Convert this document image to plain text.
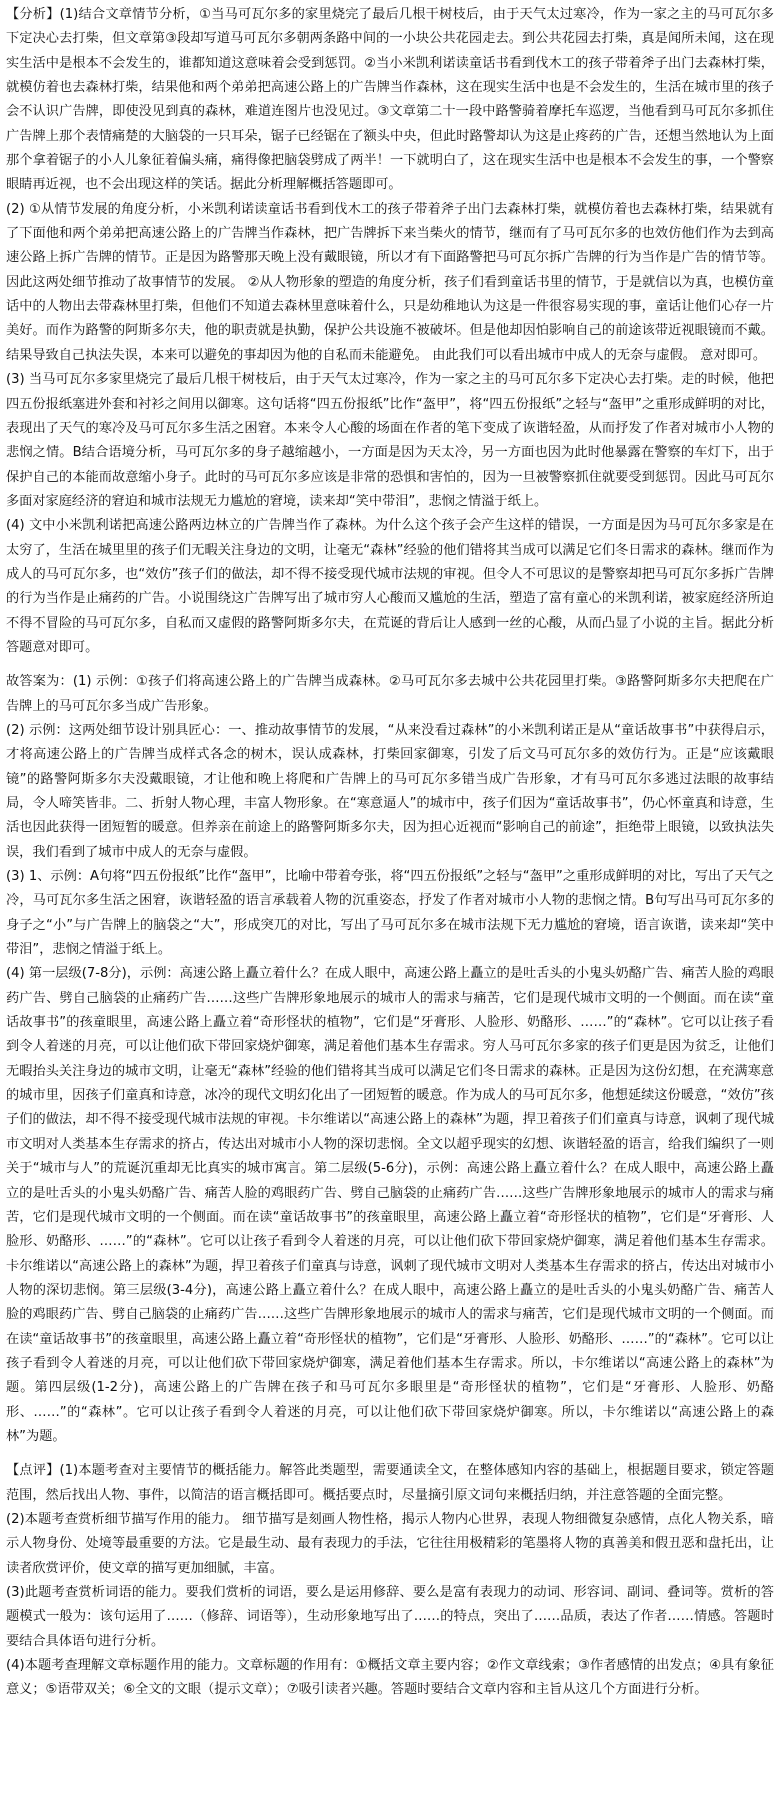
【分析】(1)结合文章情节分析，①当马可瓦尔多的家里烧完了最后几根干树枝后，由于天气太过寒冷，作为一家之主的马可瓦尔多下定决心去打柴，但文章第③段却写道马可瓦尔多朝两条路中间的一小块公共花园走去。到公共花园去打柴，真是闻所未闻，这在现实生活中是根本不会发生的，谁都知道这意味着会受到惩罚。②当小米凯利诺读童话书看到伐木工的孩子带着斧子出门去森林打柴，就模仿着也去森林打柴，结果他和两个弟弟把高速公路上的广告牌当作森林，这在现实生活中也是不会发生的，生活在城市里的孩子会不认识广告牌，即使没见到真的森林，难道连图片也没见过。③文章第二十一段中路警骑着摩托车巡逻，当他看到马可瓦尔多抓住广告牌上那个表情痛楚的大脑袋的一只耳朵，锯子已经锯在了额头中央，但此时路警却认为这是止疼药的广告，还想当然地认为上面那个拿着锯子的小人儿象征着偏头痛，痛得像把脑袋劈成了两半！一下就明白了，这在现实生活中也是根本不会发生的事，一个警察眼睛再近视，也不会出现这样的笑话。据此分析理解概括答题即可。

(2) ①从情节发展的角度分析，小米凯利诺读童话书看到伐木工的孩子带着斧子出门去森林打柴，就模仿着也去森林打柴，结果就有了下面他和两个弟弟把高速公路上的广告牌当作森林，把广告牌拆下来当柴火的情节，继而有了马可瓦尔多的也效仿他们作为去到高速公路上拆广告牌的情节。正是因为路警那天晚上没有戴眼镜，所以才有下面路警把马可瓦尔拆广告牌的行为当作是广告的情节等。因此这两处细节推动了故事情节的发展。 ②从人物形象的塑造的角度分析，孩子们看到童话书里的情节，于是就信以为真，也模仿童话中的人物出去带森林里打柴，但他们不知道去森林里意味着什么，只是幼稚地认为这是一件很容易实现的事，童话让他们心存一片美好。而作为路警的阿斯多尔夫，他的职责就是执勤，保护公共设施不被破坏。但是他却因怕影响自己的前途该带近视眼镜而不戴。结果导致自己执法失误，本来可以避免的事却因为他的自私而未能避免。 由此我们可以看出城市中成人的无奈与虚假。 意对即可。

(3) 当马可瓦尔多家里烧完了最后几根干树枝后，由于天气太过寒冷，作为一家之主的马可瓦尔多下定决心去打柴。走的时候，他把四五份报纸塞进外套和衬衫之间用以御寒。这句话将“四五份报纸”比作“盔甲”，将“四五份报纸”之轻与“盔甲”之重形成鲜明的对比，表现出了天气的寒冷及马可瓦尔多生活之困窘。本来令人心酸的场面在作者的笔下变成了诙谐轻盈，从而抒发了作者对城市小人物的悲悯之情。B结合语境分析，马可瓦尔多的身子越缩越小，一方面是因为天太冷，另一方面也因为此时他暴露在警察的车灯下，出于保护自己的本能而故意缩小身子。此时的马可瓦尔多应该是非常的恐惧和害怕的，因为一旦被警察抓住就要受到惩罚。因此马可瓦尔多面对家庭经济的窘迫和城市法规无力尴尬的窘境，读来却“笑中带泪”，悲悯之情溢于纸上。

(4) 文中小米凯利诺把高速公路两边林立的广告牌当作了森林。为什么这个孩子会产生这样的错误，一方面是因为马可瓦尔多家是在太穷了，生活在城里里的孩子们无暇关注身边的文明，让毫无“森林”经验的他们错将其当成可以满足它们冬日需求的森林。继而作为成人的马可瓦尔多，也“效仿”孩子们的做法，却不得不接受现代城市法规的审视。但令人不可思议的是警察却把马可瓦尔多拆广告牌的行为当作是止痛药的广告。小说围绕这广告牌写出了城市穷人心酸而又尴尬的生活，塑造了富有童心的米凯利诺，被家庭经济所迫不得不冒险的马可瓦尔多，自私而又虚假的路警阿斯多尔夫，在荒诞的背后让人感到一丝的心酸，从而凸显了小说的主旨。据此分析答题意对即可。

故答案为：(1) 示例：①孩子们将高速公路上的广告牌当成森林。②马可瓦尔多去城中公共花园里打柴。③路警阿斯多尔夫把爬在广告牌上的马可瓦尔多当成广告形象。

(2) 示例：这两处细节设计别具匠心：一、推动故事情节的发展，“从来没看过森林”的小米凯利诺正是从“童话故事书”中获得启示，才将高速公路上的广告牌当成样式各念的树木，误认成森林，打柴回家御寒，引发了后文马可瓦尔多的效仿行为。正是“应该戴眼镜”的路警阿斯多尔夫没戴眼镜，才让他和晚上将爬和广告牌上的马可瓦尔多错当成广告形象，才有马可瓦尔多逃过法眼的故事结局，令人啼笑皆非。二、折射人物心理，丰富人物形象。在“寒意逼人”的城市中，孩子们因为“童话故事书”，仍心怀童真和诗意，生活也因此获得一团短暂的暖意。但养亲在前途上的路警阿斯多尔夫，因为担心近视而“影响自己的前途”，拒绝带上眼镜，以致执法失误，我们看到了城市中成人的无奈与虚假。

(3) 1、示例：A句将“四五份报纸”比作“盔甲”，比喻中带着夸张，将“四五份报纸”之轻与“盔甲”之重形成鲜明的对比，写出了天气之冷，马可瓦尔多生活之困窘，诙谐轻盈的语言承载着人物的沉重姿态，抒发了作者对城市小人物的悲悯之情。B句写出马可瓦尔多的身子之“小”与广告牌上的脑袋之“大”，形成突兀的对比，写出了马可瓦尔多在城市法规下无力尴尬的窘境，语言诙谐，读来却“笑中带泪”，悲悯之情溢于纸上。

(4) 第一层级(7-8分)，示例：高速公路上矗立着什么？在成人眼中，高速公路上矗立的是吐舌头的小鬼头奶酪广告、痛苦人脸的鸡眼药广告、劈自己脑袋的止痛药广告……这些广告牌形象地展示的城市人的需求与痛苦，它们是现代城市文明的一个侧面。而在读“童话故事书”的孩童眼里，高速公路上矗立着“奇形怪状的植物”，它们是“牙膏形、人脸形、奶酪形、……”的“森林”。它可以让孩子看到令人着迷的月亮，可以让他们砍下带回家烧炉御寒，满足着他们基本生存需求。穷人马可瓦尔多家的孩子们更是因为贫乏，让他们无暇抬头关注身边的城市文明，让毫无“森林”经验的他们错将其当成可以满足它们冬日需求的森林。正是因为这份幻想，在充满寒意的城市里，因孩子们童真和诗意，冰冷的现代文明幻化出了一团短暂的暖意。作为成人的马可瓦尔多，他想延续这份暖意，“效仿”孩子们的做法，却不得不接受现代城市法规的审视。卡尔维诺以“高速公路上的森林”为题，捍卫着孩子们们童真与诗意，讽刺了现代城市文明对人类基本生存需求的挤占，传达出对城市小人物的深切悲悯。全文以超乎现实的幻想、诙谐轻盈的语言，给我们编织了一则关于“城市与人”的荒诞沉重却无比真实的城市寓言。第二层级(5-6分)，示例：高速公路上矗立着什么？在成人眼中，高速公路上矗立的是吐舌头的小鬼头奶酪广告、痛苦人脸的鸡眼药广告、劈自己脑袋的止痛药广告……这些广告牌形象地展示的城市人的需求与痛苦，它们是现代城市文明的一个侧面。而在读“童话故事书”的孩童眼里，高速公路上矗立着“奇形怪状的植物”，它们是“牙膏形、人脸形、奶酪形、……”的“森林”。它可以让孩子看到令人着迷的月亮，可以让他们砍下带回家烧炉御寒，满足着他们基本生存需求。卡尔维诺以“高速公路上的森林”为题，捍卫着孩子们童真与诗意，讽刺了现代城市文明对人类基本生存需求的挤占，传达出对城市小人物的深切悲悯。第三层级(3-4分)，高速公路上矗立着什么？在成人眼中，高速公路上矗立的是吐舌头的小鬼头奶酪广告、痛苦人脸的鸡眼药广告、劈自己脑袋的止痛药广告……这些广告牌形象地展示的城市人的需求与痛苦，它们是现代城市文明的一个侧面。而在读“童话故事书”的孩童眼里，高速公路上矗立着“奇形怪状的植物”，它们是“牙膏形、人脸形、奶酪形、……”的“森林”。它可以让孩子看到令人着迷的月亮，可以让他们砍下带回家烧炉御寒，满足着他们基本生存需求。所以，卡尔维诺以“高速公路上的森林”为题。第四层级(1-2分)，高速公路上的广告牌在孩子和马可瓦尔多眼里是“奇形怪状的植物”，它们是“牙膏形、人脸形、奶酪形、……”的“森林”。它可以让孩子看到令人着迷的月亮，可以让他们砍下带回家烧炉御寒。所以，卡尔维诺以“高速公路上的森林”为题。

【点评】(1)本题考查对主要情节的概括能力。解答此类题型，需要通读全文，在整体感知内容的基础上，根据题目要求，锁定答题范围，然后找出人物、事件，以简洁的语言概括即可。概括要点时，尽量摘引原文词句来概括归纳，并注意答题的全面完整。

(2)本题考查赏析细节描写作用的能力。 细节描写是刻画人物性格，揭示人物内心世界，表现人物细微复杂感情，点化人物关系，暗示人物身份、处境等最重要的方法。它是最生动、最有表现力的手法，它往往用极精彩的笔墨将人物的真善美和假丑恶和盘托出，让读者欣赏评价，使文章的描写更加细腻，丰富。

(3)此题考查赏析词语的能力。要我们赏析的词语，要么是运用修辞、要么是富有表现力的动词、形容词、副词、叠词等。赏析的答题模式一般为：该句运用了……（修辞、词语等），生动形象地写出了……的特点，突出了……品质，表达了作者……情感。答题时要结合具体语句进行分析。

(4)本题考查理解文章标题作用的能力。文章标题的作用有：①概括文章主要内容；②作文章线索；③作者感情的出发点；④具有象征意义；⑤语带双关；⑥全文的文眼（提示文章）；⑦吸引读者兴趣。答题时要结合文章内容和主旨从这几个方面进行分析。
